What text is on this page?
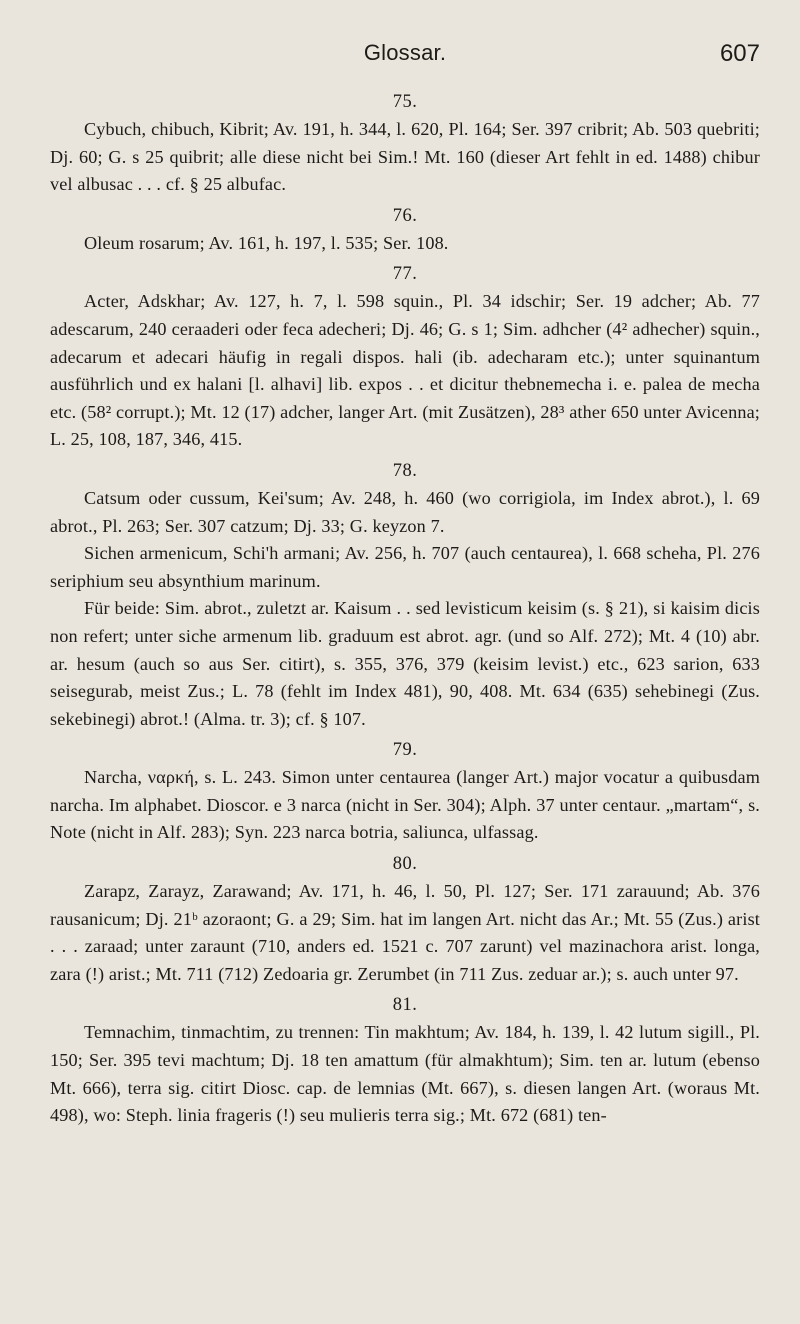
Glossar.	607
75.

Cybuch, chibuch, Kibrit; Av. 191, h. 344, l. 620, Pl. 164; Ser. 397 cribrit; Ab. 503 quebriti; Dj. 60; G. s 25 quibrit; alle diese nicht bei Sim.! Mt. 160 (dieser Art fehlt in ed. 1488) chibur vel albusac . . . cf. § 25 albufac.

76.

Oleum rosarum; Av. 161, h. 197, l. 535; Ser. 108.

77.

Acter, Adskhar; Av. 127, h. 7, l. 598 squin., Pl. 34 idschir; Ser. 19 adcher; Ab. 77 adescarum, 240 ceraaderi oder feca adecheri; Dj. 46; G. s 1; Sim. adhcher (4² adhecher) squin., adecarum et adecari häufig in regali dispos. hali (ib. adecharam etc.); unter squinantum ausführlich und ex halani [l. alhavi] lib. expos . . et dicitur thebnemecha i. e. palea de mecha etc. (58² corrupt.); Mt. 12 (17) adcher, langer Art. (mit Zusätzen), 28³ ather 650 unter Avicenna; L. 25, 108, 187, 346, 415.

78.

Catsum oder cussum, Kei'sum; Av. 248, h. 460 (wo corrigiola, im Index abrot.), l. 69 abrot., Pl. 263; Ser. 307 catzum; Dj. 33; G. keyzon 7.

Sichen armenicum, Schi'h armani; Av. 256, h. 707 (auch centaurea), l. 668 scheha, Pl. 276 seriphium seu absynthium marinum.

Für beide: Sim. abrot., zuletzt ar. Kaisum . . sed levisticum keisim (s. § 21), si kaisim dicis non refert; unter siche armenum lib. graduum est abrot. agr. (und so Alf. 272); Mt. 4 (10) abr. ar. hesum (auch so aus Ser. citirt), s. 355, 376, 379 (keisim levist.) etc., 623 sarion, 633 seisegurab, meist Zus.; L. 78 (fehlt im Index 481), 90, 408. Mt. 634 (635) sehebinegi (Zus. sekebinegi) abrot.! (Alma. tr. 3); cf. § 107.

79.

Narcha, ναρκή, s. L. 243. Simon unter centaurea (langer Art.) major vocatur a quibusdam narcha. Im alphabet. Dioscor. e 3 narca (nicht in Ser. 304); Alph. 37 unter centaur. „martam“, s. Note (nicht in Alf. 283); Syn. 223 narca botria, saliunca, ulfassag.

80.

Zarapz, Zarayz, Zarawand; Av. 171, h. 46, l. 50, Pl. 127; Ser. 171 zarauund; Ab. 376 rausanicum; Dj. 21ᵇ azoraont; G. a 29; Sim. hat im langen Art. nicht das Ar.; Mt. 55 (Zus.) arist . . . zaraad; unter zaraunt (710, anders ed. 1521 c. 707 zarunt) vel mazinachora arist. longa, zara (!) arist.; Mt. 711 (712) Zedoaria gr. Zerumbet (in 711 Zus. zeduar ar.); s. auch unter 97.

81.

Temnachim, tinmachtim, zu trennen: Tin makhtum; Av. 184, h. 139, l. 42 lutum sigill., Pl. 150; Ser. 395 tevi machtum; Dj. 18 ten amattum (für almakhtum); Sim. ten ar. lutum (ebenso Mt. 666), terra sig. citirt Diosc. cap. de lemnias (Mt. 667), s. diesen langen Art. (woraus Mt. 498), wo: Steph. linia frageris (!) seu mulieris terra sig.; Mt. 672 (681) ten-
